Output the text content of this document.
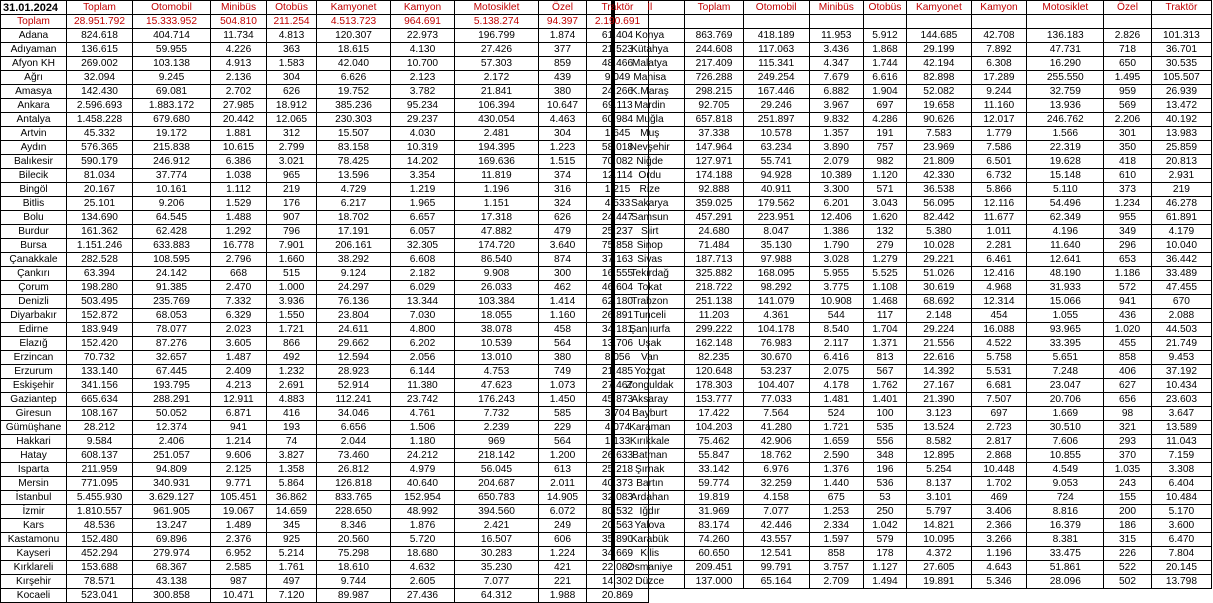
31.01.2024	Toplam	Otomobil	Minibüs	Otobüs	Kamyonet	Kamyon	Motosiklet	Özel	Traktör
Toplam	28.951.792	15.333.952	504.810	211.254	4.513.723	964.691	5.138.274	94.397	2.190.691
Adana	824.618	404.714	11.734	4.813	120.307	22.973	196.799	1.874	61.404
Adıyaman	136.615	59.955	4.226	363	18.615	4.130	27.426	377	21.523
Afyon KH	269.002	103.138	4.913	1.583	42.040	10.700	57.303	859	48.466
Ağrı	32.094	9.245	2.136	304	6.626	2.123	2.172	439	9.049
Amasya	142.430	69.081	2.702	626	19.752	3.782	21.841	380	24.266
Ankara	2.596.693	1.883.172	27.985	18.912	385.236	95.234	106.394	10.647	69.113
Antalya	1.458.228	679.680	20.442	12.065	230.303	29.237	430.054	4.463	60.984
Artvin	45.332	19.172	1.881	312	15.507	4.030	2.481	304	1.645
Aydın	576.365	215.838	10.615	2.799	83.158	10.319	194.395	1.223	58.018
Balıkesir	590.179	246.912	6.386	3.021	78.425	14.202	169.636	1.515	70.082
Bilecik	81.034	37.774	1.038	965	13.596	3.354	11.819	374	12.114
Bingöl	20.167	10.161	1.112	219	4.729	1.219	1.196	316	1.215
Bitlis	25.101	9.206	1.529	176	6.217	1.965	1.151	324	4.533
Bolu	134.690	64.545	1.488	907	18.702	6.657	17.318	626	24.447
Burdur	161.362	62.428	1.292	796	17.191	6.057	47.882	479	25.237
Bursa	1.151.246	633.883	16.778	7.901	206.161	32.305	174.720	3.640	75.858
Çanakkale	282.528	108.595	2.796	1.660	38.292	6.608	86.540	874	37.163
Çankırı	63.394	24.142	668	515	9.124	2.182	9.908	300	16.555
Çorum	198.280	91.385	2.470	1.000	24.297	6.029	26.033	462	46.604
Denizli	503.495	235.769	7.332	3.936	76.136	13.344	103.384	1.414	62.180
Diyarbakır	152.872	68.053	6.329	1.550	23.804	7.030	18.055	1.160	26.891
Edirne	183.949	78.077	2.023	1.721	24.611	4.800	38.078	458	34.181
Elazığ	152.420	87.276	3.605	866	29.662	6.202	10.539	564	13.706
Erzincan	70.732	32.657	1.487	492	12.594	2.056	13.010	380	8.056
Erzurum	133.140	67.445	2.409	1.232	28.923	6.144	4.753	749	21.485
Eskişehir	341.156	193.795	4.213	2.691	52.914	11.380	47.623	1.073	27.467
Gaziantep	665.634	288.291	12.911	4.883	112.241	23.742	176.243	1.450	45.873
Giresun	108.167	50.052	6.871	416	34.046	4.761	7.732	585	3.704
Gümüşhane	28.212	12.374	941	193	6.656	1.506	2.239	229	4.074
Hakkari	9.584	2.406	1.214	74	2.044	1.180	969	564	1.133
Hatay	608.137	251.057	9.606	3.827	73.460	24.212	218.142	1.200	26.633
Isparta	211.959	94.809	2.125	1.358	26.812	4.979	56.045	613	25.218
Mersin	771.095	340.931	9.771	5.864	126.818	40.640	204.687	2.011	40.373
İstanbul	5.455.930	3.629.127	105.451	36.862	833.765	152.954	650.783	14.905	32.083
İzmir	1.810.557	961.905	19.067	14.659	228.650	48.992	394.560	6.072	80.532
Kars	48.536	13.247	1.489	345	8.346	1.876	2.421	249	20.563
Kastamonu	152.480	69.896	2.376	925	20.560	5.720	16.507	606	35.890
Kayseri	452.294	279.974	6.952	5.214	75.298	18.680	30.283	1.224	34.669
Kırklareli	153.688	68.367	2.585	1.761	18.610	4.632	35.230	421	22.082
Kırşehir	78.571	43.138	987	497	9.744	2.605	7.077	221	14.302
Kocaeli	523.041	300.858	10.471	7.120	89.987	27.436	64.312	1.988	20.869
İl	Toplam	Otomobil	Minibüs	Otobüs	Kamyonet	Kamyon	Motosiklet	Özel	Traktör

Konya	863.769	418.189	11.953	5.912	144.685	42.708	136.183	2.826	101.313
Kütahya	244.608	117.063	3.436	1.868	29.199	7.892	47.731	718	36.701
Malatya	217.409	115.341	4.347	1.744	42.194	6.308	16.290	650	30.535
Manisa	726.288	249.254	7.679	6.616	82.898	17.289	255.550	1.495	105.507
K.Maraş	298.215	167.446	6.882	1.904	52.082	9.244	32.759	959	26.939
Mardin	92.705	29.246	3.967	697	19.658	11.160	13.936	569	13.472
Muğla	657.818	251.897	9.832	4.286	90.626	12.017	246.762	2.206	40.192
Muş	37.338	10.578	1.357	191	7.583	1.779	1.566	301	13.983
Nevşehir	147.964	63.234	3.890	757	23.969	7.586	22.319	350	25.859
Niğde	127.971	55.741	2.079	982	21.809	6.501	19.628	418	20.813
Ordu	174.188	94.928	10.389	1.120	42.330	6.732	15.148	610	2.931
Rize	92.888	40.911	3.300	571	36.538	5.866	5.110	373	219
Sakarya	359.025	179.562	6.201	3.043	56.095	12.116	54.496	1.234	46.278
Samsun	457.291	223.951	12.406	1.620	82.442	11.677	62.349	955	61.891
Siirt	24.680	8.047	1.386	132	5.380	1.011	4.196	349	4.179
Sinop	71.484	35.130	1.790	279	10.028	2.281	11.640	296	10.040
Sivas	187.713	97.988	3.028	1.279	29.221	6.461	12.641	653	36.442
Tekirdağ	325.882	168.095	5.955	5.525	51.026	12.416	48.190	1.186	33.489
Tokat	218.722	98.292	3.775	1.108	30.619	4.968	31.933	572	47.455
Trabzon	251.138	141.079	10.908	1.468	68.692	12.314	15.066	941	670
Tunceli	11.203	4.361	544	117	2.148	454	1.055	436	2.088
Şanlıurfa	299.222	104.178	8.540	1.704	29.224	16.088	93.965	1.020	44.503
Uşak	162.148	76.983	2.117	1.371	21.556	4.522	33.395	455	21.749
Van	82.235	30.670	6.416	813	22.616	5.758	5.651	858	9.453
Yozgat	120.648	53.237	2.075	567	14.392	5.531	7.248	406	37.192
Zonguldak	178.303	104.407	4.178	1.762	27.167	6.681	23.047	627	10.434
Aksaray	153.777	77.033	1.481	1.401	21.390	7.507	20.706	656	23.603
Bayburt	17.422	7.564	524	100	3.123	697	1.669	98	3.647
Karaman	104.203	41.280	1.721	535	13.524	2.723	30.510	321	13.589
Kırıkkale	75.462	42.906	1.659	556	8.582	2.817	7.606	293	11.043
Batman	55.847	18.762	2.590	348	12.895	2.868	10.855	370	7.159
Şırnak	33.142	6.976	1.376	196	5.254	10.448	4.549	1.035	3.308
Bartın	59.774	32.259	1.440	536	8.137	1.702	9.053	243	6.404
Ardahan	19.819	4.158	675	53	3.101	469	724	155	10.484
Iğdır	31.969	7.077	1.253	250	5.797	3.406	8.816	200	5.170
Yalova	83.174	42.446	2.334	1.042	14.821	2.366	16.379	186	3.600
Karabük	74.260	43.557	1.597	579	10.095	3.266	8.381	315	6.470
Kilis	60.650	12.541	858	178	4.372	1.196	33.475	226	7.804
Osmaniye	209.451	99.791	3.757	1.127	27.605	4.643	51.861	522	20.145
Düzce	137.000	65.164	2.709	1.494	19.891	5.346	28.096	502	13.798
